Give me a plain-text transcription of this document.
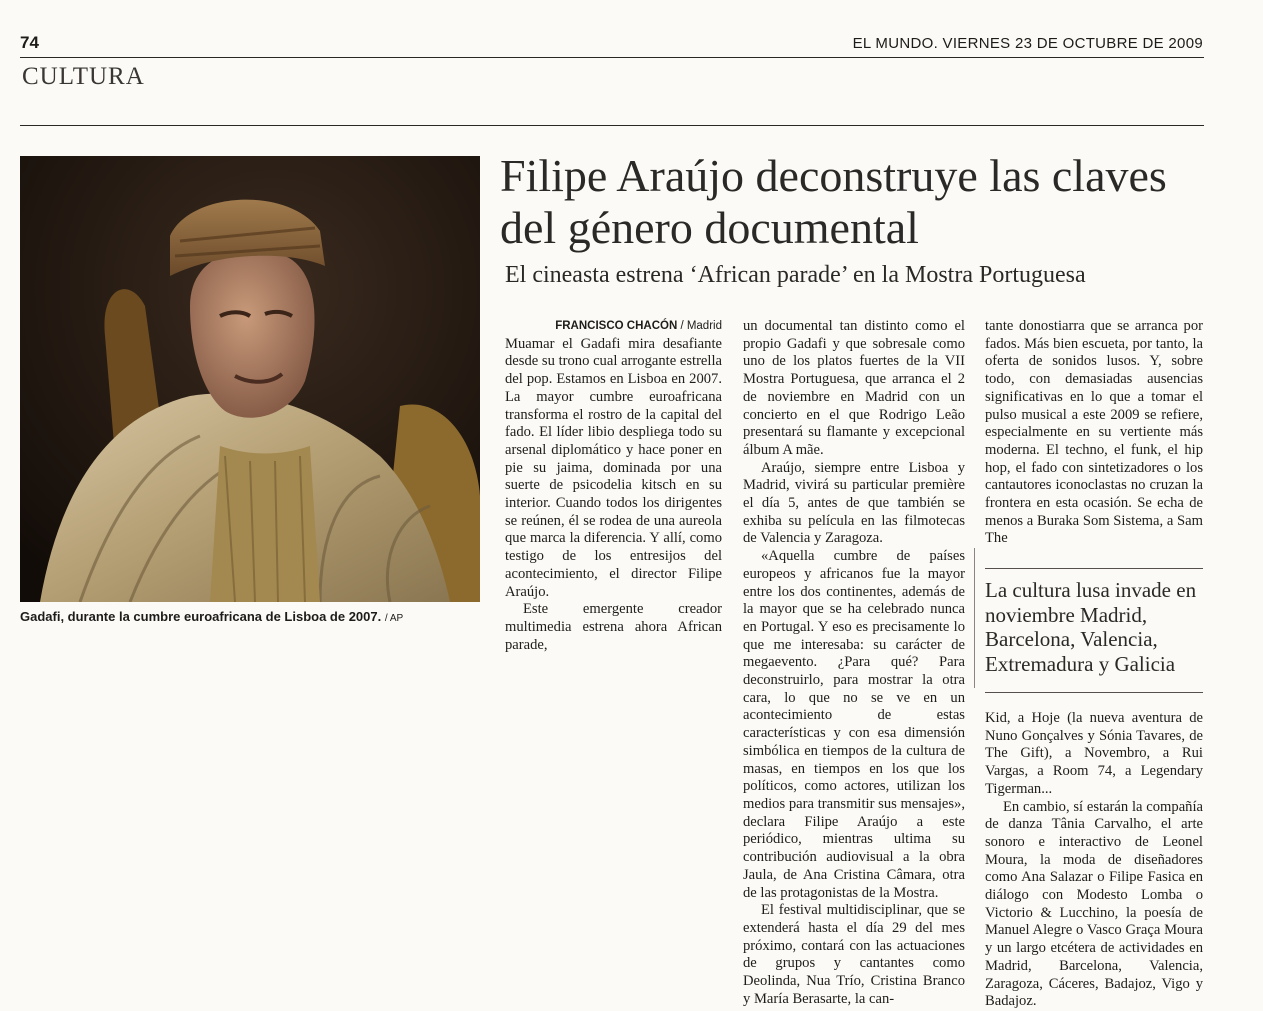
74	EL MUNDO. VIERNES 23 DE OCTUBRE DE 2009
CULTURA
Gadafi, durante la cumbre euroafricana de Lisboa de 2007. / AP
Filipe Araújo deconstruye las claves del género documental
El cineasta estrena ‘African parade’ en la Mostra Portuguesa
FRANCISCO CHACÓN / Madrid

Muamar el Gadafi mira desafiante desde su trono cual arrogante estrella del pop. Estamos en Lisboa en 2007. La mayor cumbre euroafricana transforma el rostro de la capital del fado. El líder libio despliega todo su arsenal diplomático y hace poner en pie su jaima, dominada por una suerte de psicodelia kitsch en su interior. Cuando todos los dirigentes se reúnen, él se rodea de una aureola que marca la diferencia. Y allí, como testigo de los entresijos del acontecimiento, el director Filipe Araújo.

Este emergente creador multimedia estrena ahora African parade,

un documental tan distinto como el propio Gadafi y que sobresale como uno de los platos fuertes de la VII Mostra Portuguesa, que arranca el 2 de noviembre en Madrid con un concierto en el que Rodrigo Leão presentará su flamante y excepcional álbum A mãe.

Araújo, siempre entre Lisboa y Madrid, vivirá su particular première el día 5, antes de que también se exhiba su película en las filmotecas de Valencia y Zaragoza.

«Aquella cumbre de países europeos y africanos fue la mayor entre los dos continentes, además de la mayor que se ha celebrado nunca en Portugal. Y eso es precisamente lo que me interesaba: su carácter de megaevento. ¿Para qué? Para deconstruirlo, para mostrar la otra cara, lo que no se ve en un acontecimiento de estas características y con esa dimensión simbólica en tiempos de la cultura de masas, en tiempos en los que los políticos, como actores, utilizan los medios para transmitir sus mensajes», declara Filipe Araújo a este periódico, mientras ultima su contribución audiovisual a la obra Jaula, de Ana Cristina Câmara, otra de las protagonistas de la Mostra.

El festival multidisciplinar, que se extenderá hasta el día 29 del mes próximo, contará con las actuaciones de grupos y cantantes como Deolinda, Nua Trío, Cristina Branco y María Berasarte, la can-

tante donostiarra que se arranca por fados. Más bien escueta, por tanto, la oferta de sonidos lusos. Y, sobre todo, con demasiadas ausencias significativas en lo que a tomar el pulso musical a este 2009 se refiere, especialmente en su vertiente más moderna. El techno, el funk, el hip hop, el fado con sintetizadores o los cantautores iconoclastas no cruzan la frontera en esta ocasión. Se echa de menos a Buraka Som Sistema, a Sam The

La cultura lusa invade en noviembre Madrid, Barcelona, Valencia, Extremadura y Galicia

Kid, a Hoje (la nueva aventura de Nuno Gonçalves y Sónia Tavares, de The Gift), a Novembro, a Rui Vargas, a Room 74, a Legendary Tigerman...

En cambio, sí estarán la compañía de danza Tânia Carvalho, el arte sonoro e interactivo de Leonel Moura, la moda de diseñadores como Ana Salazar o Filipe Fasica en diálogo con Modesto Lomba o Victorio & Lucchino, la poesía de Manuel Alegre o Vasco Graça Moura y un largo etcétera de actividades en Madrid, Barcelona, Valencia, Zaragoza, Cáceres, Badajoz, Vigo y Badajoz.
